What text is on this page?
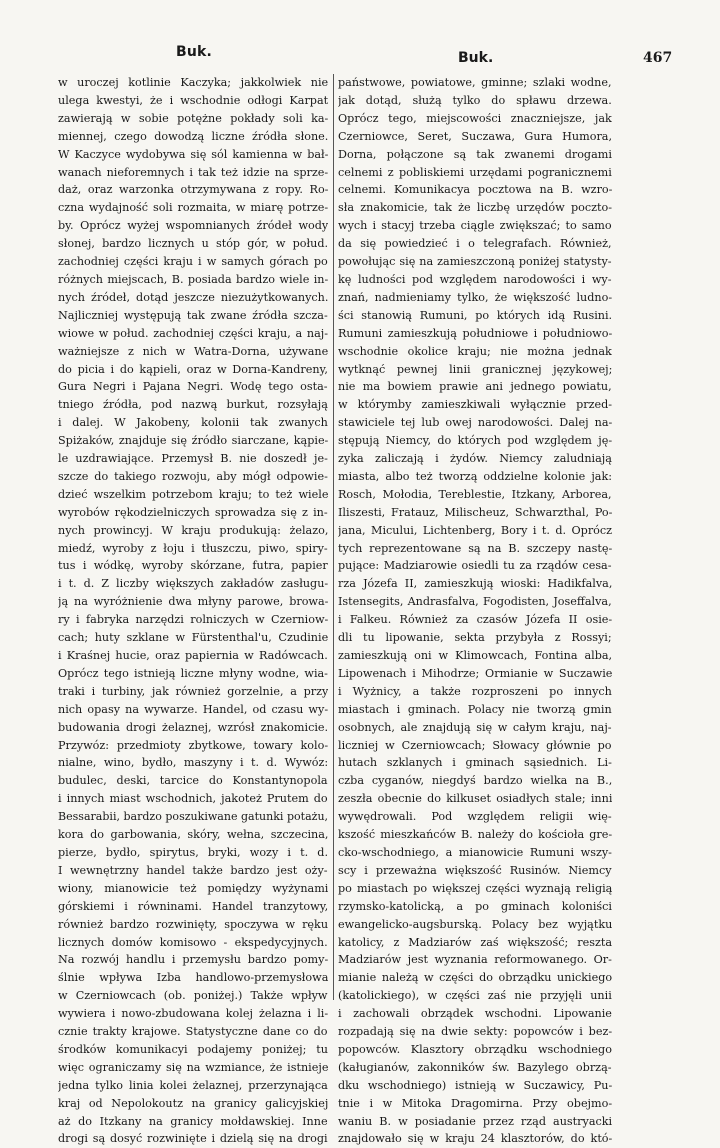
Buk.	Buk.	467

w uroczej kotlinie Kaczyka; jakkolwiek nie

ulega kwestyi, że i wschodnie odłogi Karpat

zawierają w sobie potężne pokłady soli ka-

miennej, czego dowodzą liczne źródła słone.

W Kaczyce wydobywa się sól kamienna w bał-

wanach nieforemnych i tak też idzie na sprze-

daż, oraz warzonka otrzymywana z ropy. Ro-

czna wydajność soli rozmaita, w miarę potrze-

by. Oprócz wyżej wspomnianych źródeł wody

słonej, bardzo licznych u stóp gór, w połud.

zachodniej części kraju i w samych górach po

różnych miejscach, B. posiada bardzo wiele in-

nych źródeł, dotąd jeszcze niezużytkowanych.

Najliczniej występują tak zwane źródła szcza-

wiowe w połud. zachodniej części kraju, a naj-

ważniejsze z nich w Watra-Dorna, używane

do picia i do kąpieli, oraz w Dorna-Kandreny,

Gura Negri i Pajana Negri. Wodę tego osta-

tniego źródła, pod nazwą burkut, rozsyłają

i dalej. W Jakobeny, kolonii tak zwanych

Spiżaków, znajduje się źródło siarczane, kąpie-

le uzdrawiające. Przemysł B. nie doszedł je-

szcze do takiego rozwoju, aby mógł odpowie-

dzieć wszelkim potrzebom kraju; to też wiele

wyrobów rękodzielniczych sprowadza się z in-

nych prowincyj. W kraju produkują: żelazo,

miedź, wyroby z łoju i tłuszczu, piwo, spiry-

tus i wódkę, wyroby skórzane, futra, papier

i t. d. Z liczby większych zakładów zasługu-

ją na wyróżnienie dwa młyny parowe, browa-

ry i fabryka narzędzi rolniczych w Czerniow-

cach; huty szklane w Fürstenthal'u, Czudinie

i Kraśnej hucie, oraz papiernia w Radówcach.

Oprócz tego istnieją liczne młyny wodne, wia-

traki i turbiny, jak również gorzelnie, a przy

nich opasy na wywarze. Handel, od czasu wy-

budowania drogi żelaznej, wzrósł znakomicie.

Przywóz: przedmioty zbytkowe, towary kolo-

nialne, wino, bydło, maszyny i t. d. Wywóz:

budulec, deski, tarcice do Konstantynopola

i innych miast wschodnich, jakoteż Prutem do

Bessarabii, bardzo poszukiwane gatunki potażu,

kora do garbowania, skóry, wełna, szczecina,

pierze, bydło, spirytus, bryki, wozy i t. d.

I wewnętrzny handel także bardzo jest oży-

wiony, mianowicie też pomiędzy wyżynami

górskiemi i równinami. Handel tranzytowy,

również bardzo rozwinięty, spoczywa w ręku

licznych domów komisowo - ekspedycyjnych.

Na rozwój handlu i przemysłu bardzo pomy-

ślnie wpływa Izba handlowo-przemysłowa

w Czerniowcach (ob. poniżej.) Także wpływ

wywiera i nowo-zbudowana kolej żelazna i li-

cznie trakty krajowe. Statystyczne dane co do

środków komunikacyi podajemy poniżej; tu

więc ograniczamy się na wzmiance, że istnieje

jedna tylko linia kolei żelaznej, przerzynająca

kraj od Nepolokoutz na granicy galicyjskiej

aż do Itzkany na granicy mołdawskiej. Inne

drogi są dosyć rozwinięte i dzielą się na drogi

państwowe, powiatowe, gminne; szlaki wodne,

jak dotąd, służą tylko do spławu drzewa.

Oprócz tego, miejscowości znaczniejsze, jak

Czerniowce, Seret, Suczawa, Gura Humora,

Dorna, połączone są tak zwanemi drogami

celnemi z pobliskiemi urzędami pogranicznemi

celnemi. Komunikacya pocztowa na B. wzro-

sła znakomicie, tak że liczbę urzędów poczto-

wych i stacyj trzeba ciągle zwiększać; to samo

da się powiedzieć i o telegrafach. Również,

powołując się na zamieszczoną poniżej statysty-

kę ludności pod względem narodowości i wy-

znań, nadmieniamy tylko, że większość ludno-

ści stanowią Rumuni, po których idą Rusini.

Rumuni zamieszkują południowe i południowo-

wschodnie okolice kraju; nie można jednak

wytknąć pewnej linii granicznej językowej;

nie ma bowiem prawie ani jednego powiatu,

w którymby zamieszkiwali wyłącznie przed-

stawiciele tej lub owej narodowości. Dalej na-

stępują Niemcy, do których pod względem ję-

zyka zaliczają i żydów. Niemcy zaludniają

miasta, albo też tworzą oddzielne kolonie jak:

Rosch, Mołodia, Tereblestie, Itzkany, Arborea,

Iliszesti, Fratauz, Milischeuz, Schwarzthal, Po-

jana, Micului, Lichtenberg, Bory i t. d. Oprócz

tych reprezentowane są na B. szczepy nastę-

pujące: Madziarowie osiedli tu za rządów cesa-

rza Józefa II, zamieszkują wioski: Hadikfalva,

Istensegits, Andrasfalva, Fogodisten, Joseffalva,

i Falkeu. Również za czasów Józefa II osie-

dli tu lipowanie, sekta przybyła z Rossyi;

zamieszkują oni w Klimowcach, Fontina alba,

Lipowenach i Mihodrze; Ormianie w Suczawie

i Wyżnicy, a także rozproszeni po innych

miastach i gminach. Polacy nie tworzą gmin

osobnych, ale znajdują się w całym kraju, naj-

liczniej w Czerniowcach; Słowacy głównie po

hutach szklanych i gminach sąsiednich. Li-

czba cyganów, niegdyś bardzo wielka na B.,

zeszła obecnie do kilkuset osiadłych stale; inni

wywędrowali. Pod względem religii wię-

kszość mieszkańców B. należy do kościoła gre-

cko-wschodniego, a mianowicie Rumuni wszy-

scy i przeważna większość Rusinów. Niemcy

po miastach po większej części wyznają religią

rzymsko-katolicką, a po gminach koloniści

ewangelicko-augsburską. Polacy bez wyjątku

katolicy, z Madziarów zaś większość; reszta

Madziarów jest wyznania reformowanego. Or-

mianie należą w części do obrządku unickiego

(katolickiego), w części zaś nie przyjęli unii

i zachowali obrządek wschodni. Lipowanie

rozpadają się na dwie sekty: popowców i bez-

popowców. Klasztory obrządku wschodniego

(kaługianów, zakonników św. Bazylego obrzą-

dku wschodniego) istnieją w Suczawicy, Pu-

tnie i w Mitoka Dragomirna. Przy obejmo-

waniu B. w posiadanie przez rząd austryacki

znajdowało się w kraju 24 klasztorów, do któ-
